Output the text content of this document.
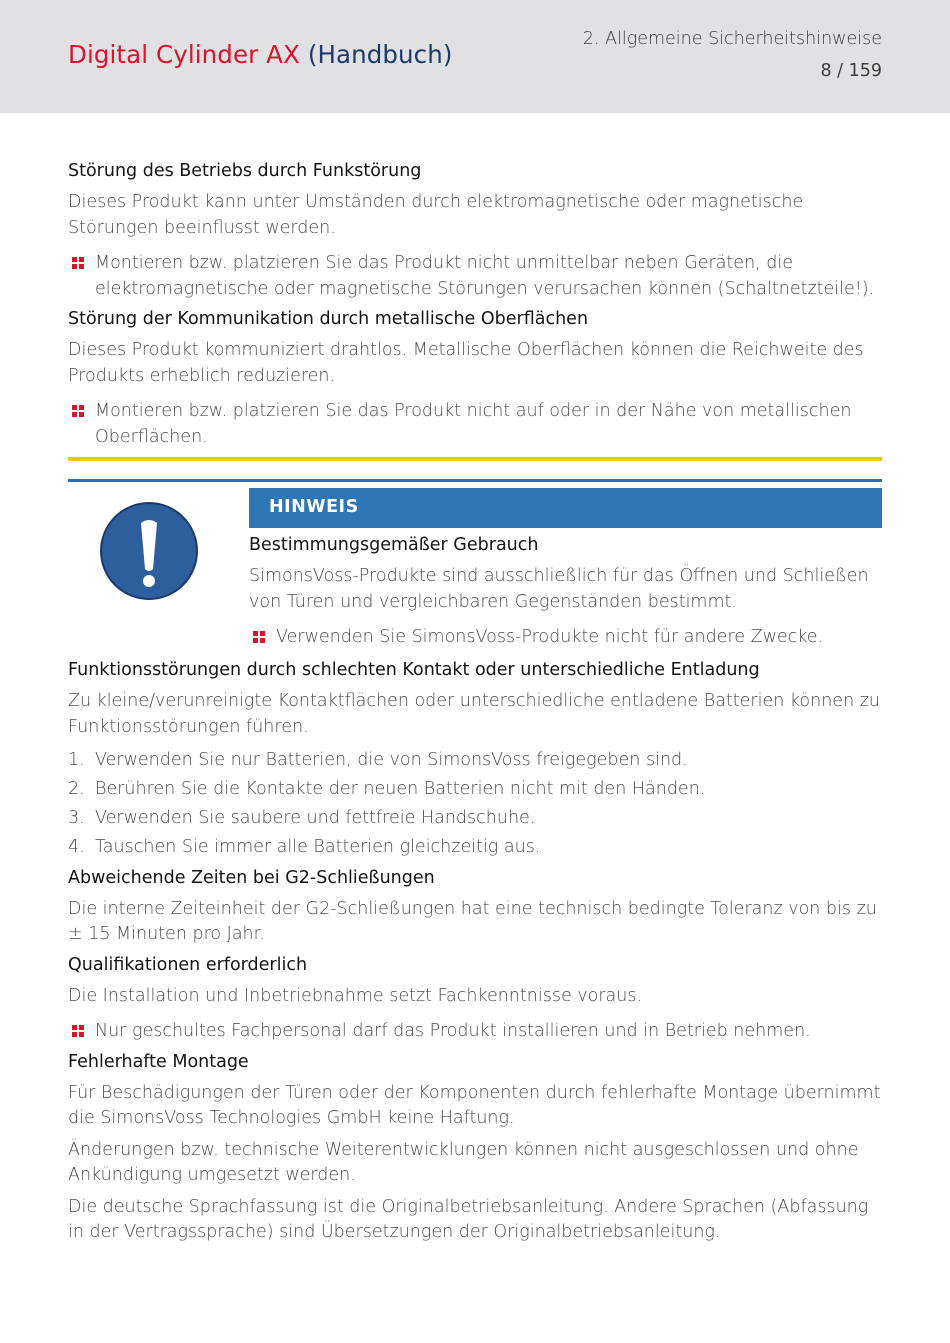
Digital Cylinder AX (Handbuch)
2. Allgemeine Sicherheitshinweise
8 / 159

Störung des Betriebs durch Funkstörung

Dieses Produkt kann unter Umständen durch elektromagnetische oder magnetische Störungen beeinflusst werden.

Montieren bzw. platzieren Sie das Produkt nicht unmittelbar neben Geräten, die elektromagnetische oder magnetische Störungen verursachen können (Schaltnetzteile!).

Störung der Kommunikation durch metallische Oberflächen

Dieses Produkt kommuniziert drahtlos. Metallische Oberflächen können die Reichweite des Produkts erheblich reduzieren.

Montieren bzw. platzieren Sie das Produkt nicht auf oder in der Nähe von metallischen Oberflächen.

HINWEIS

Bestimmungsgemäßer Gebrauch

SimonsVoss-Produkte sind ausschließlich für das Öffnen und Schließen von Türen und vergleichbaren Gegenständen bestimmt.

Verwenden Sie SimonsVoss-Produkte nicht für andere Zwecke.

Funktionsstörungen durch schlechten Kontakt oder unterschiedliche Entladung

Zu kleine/verunreinigte Kontaktflächen oder unterschiedliche entladene Batterien können zu Funktionsstörungen führen.

1. Verwenden Sie nur Batterien, die von SimonsVoss freigegeben sind.

2. Berühren Sie die Kontakte der neuen Batterien nicht mit den Händen.

3. Verwenden Sie saubere und fettfreie Handschuhe.

4. Tauschen Sie immer alle Batterien gleichzeitig aus.

Abweichende Zeiten bei G2-Schließungen

Die interne Zeiteinheit der G2-Schließungen hat eine technisch bedingte Toleranz von bis zu ± 15 Minuten pro Jahr.

Qualifikationen erforderlich

Die Installation und Inbetriebnahme setzt Fachkenntnisse voraus.

Nur geschultes Fachpersonal darf das Produkt installieren und in Betrieb nehmen.

Fehlerhafte Montage

Für Beschädigungen der Türen oder der Komponenten durch fehlerhafte Montage übernimmt die SimonsVoss Technologies GmbH keine Haftung.

Änderungen bzw. technische Weiterentwicklungen können nicht ausgeschlossen und ohne Ankündigung umgesetzt werden.

Die deutsche Sprachfassung ist die Originalbetriebsanleitung. Andere Sprachen (Abfassung in der Vertragssprache) sind Übersetzungen der Originalbetriebsanleitung.
